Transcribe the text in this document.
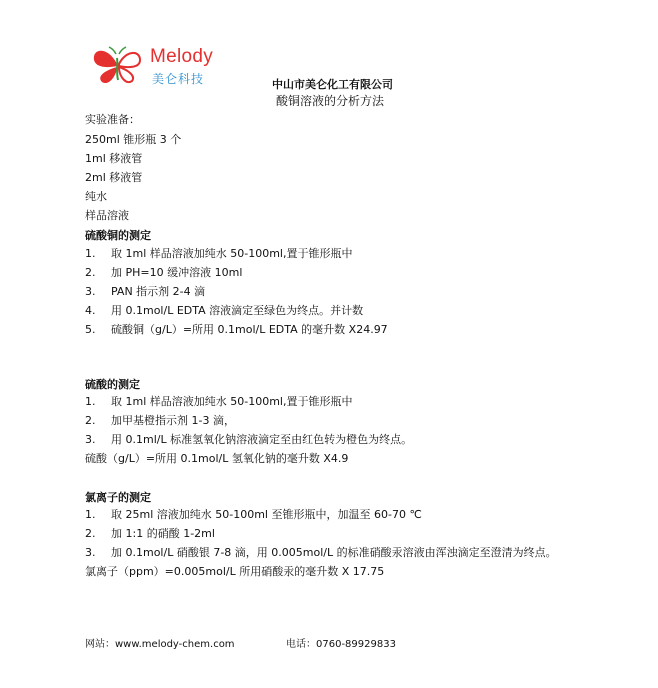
Melody
美仑科技	中山市美仑化工有限公司
酸铜溶液的分析方法
实验准备：
250ml 锥形瓶 3 个
1ml 移液管
2ml 移液管
纯水
样品溶液
硫酸铜的测定
1. 取 1ml 样品溶液加纯水 50-100ml,置于锥形瓶中
2. 加 PH=10 缓冲溶液 10ml
3. PAN 指示剂 2-4 滴
4. 用 0.1mol/L EDTA 溶液滴定至绿色为终点。并计数
5. 硫酸铜（g/L）=所用 0.1mol/L EDTA 的毫升数 X24.97
硫酸的测定
1. 取 1ml 样品溶液加纯水 50-100ml,置于锥形瓶中
2. 加甲基橙指示剂 1-3 滴，
3. 用 0.1ml/L 标准氢氧化钠溶液滴定至由红色转为橙色为终点。
硫酸（g/L）=所用 0.1mol/L 氢氧化钠的毫升数 X4.9
氯离子的测定
1. 取 25ml 溶液加纯水 50-100ml 至锥形瓶中，加温至 60-70 ℃
2. 加 1:1 的硝酸 1-2ml
3. 加 0.1mol/L 硝酸银 7-8 滴，用 0.005mol/L 的标准硝酸汞溶液由浑浊滴定至澄清为终点。
氯离子（ppm）=0.005mol/L 所用硝酸汞的毫升数 X 17.75
网站：www.melody-chem.com	电话：0760-89929833
